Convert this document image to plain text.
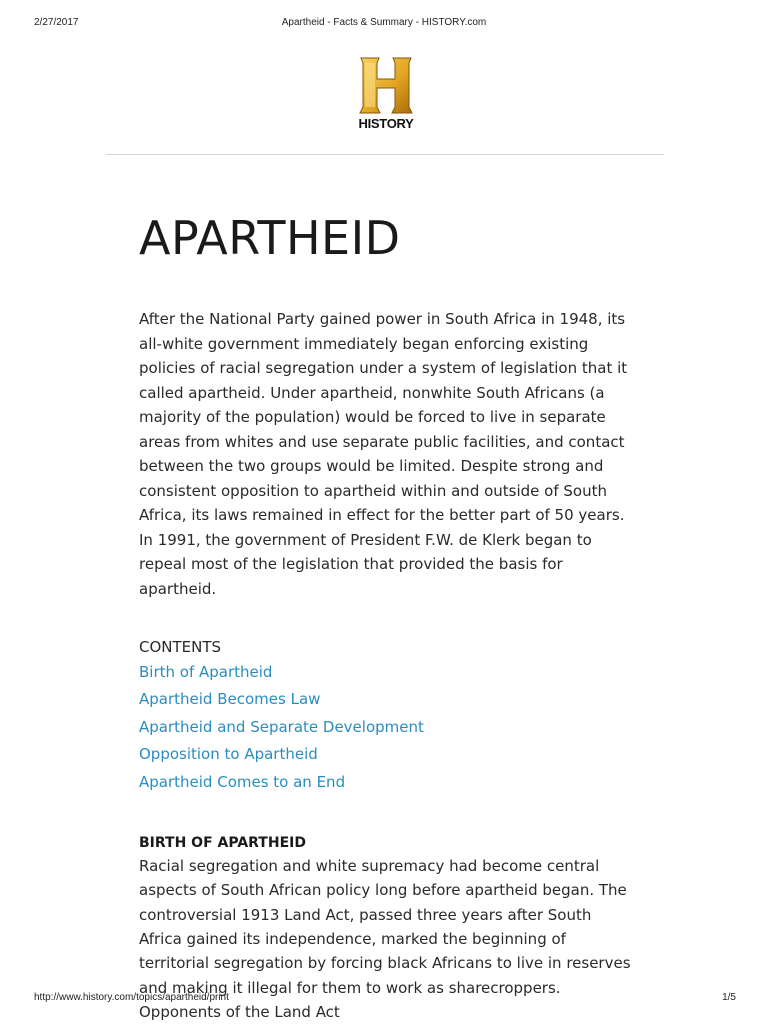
2/27/2017	Apartheid - Facts & Summary - HISTORY.com
HISTORY
APARTHEID

After the National Party gained power in South Africa in 1948, its all-white government immediately began enforcing existing policies of racial segregation under a system of legislation that it called apartheid. Under apartheid, nonwhite South Africans (a majority of the population) would be forced to live in separate areas from whites and use separate public facilities, and contact between the two groups would be limited. Despite strong and consistent opposition to apartheid within and outside of South Africa, its laws remained in effect for the better part of 50 years. In 1991, the government of President F.W. de Klerk began to repeal most of the legislation that provided the basis for apartheid.

CONTENTS
Birth of Apartheid
Apartheid Becomes Law
Apartheid and Separate Development
Opposition to Apartheid
Apartheid Comes to an End
BIRTH OF APARTHEID

Racial segregation and white supremacy had become central aspects of South African policy long before apartheid began. The controversial 1913 Land Act, passed three years after South Africa gained its independence, marked the beginning of territorial segregation by forcing black Africans to live in reserves and making it illegal for them to work as sharecroppers. Opponents of the Land Act

http://www.history.com/topics/apartheid/print	1/5
